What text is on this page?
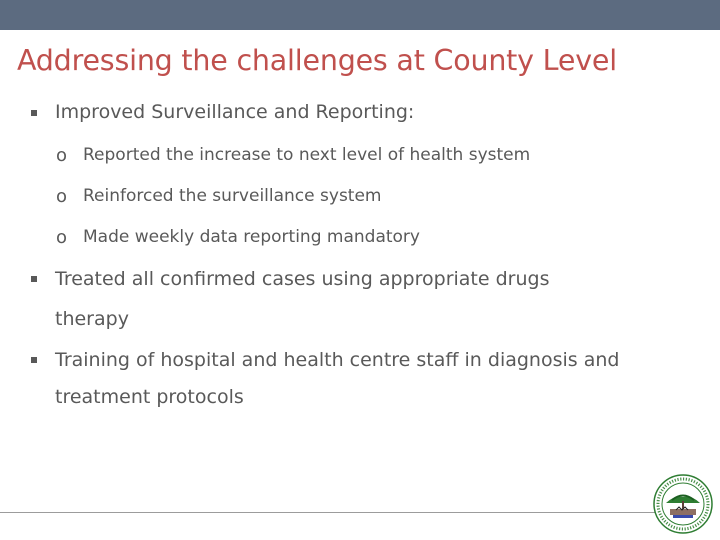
Addressing the challenges at County Level
Improved Surveillance and Reporting:
o Reported the increase to next level of health system
o Reinforced the surveillance system
o Made weekly data reporting mandatory
Treated all confirmed cases using appropriate drugs
therapy
Training of hospital and health centre staff in diagnosis and
treatment protocols
